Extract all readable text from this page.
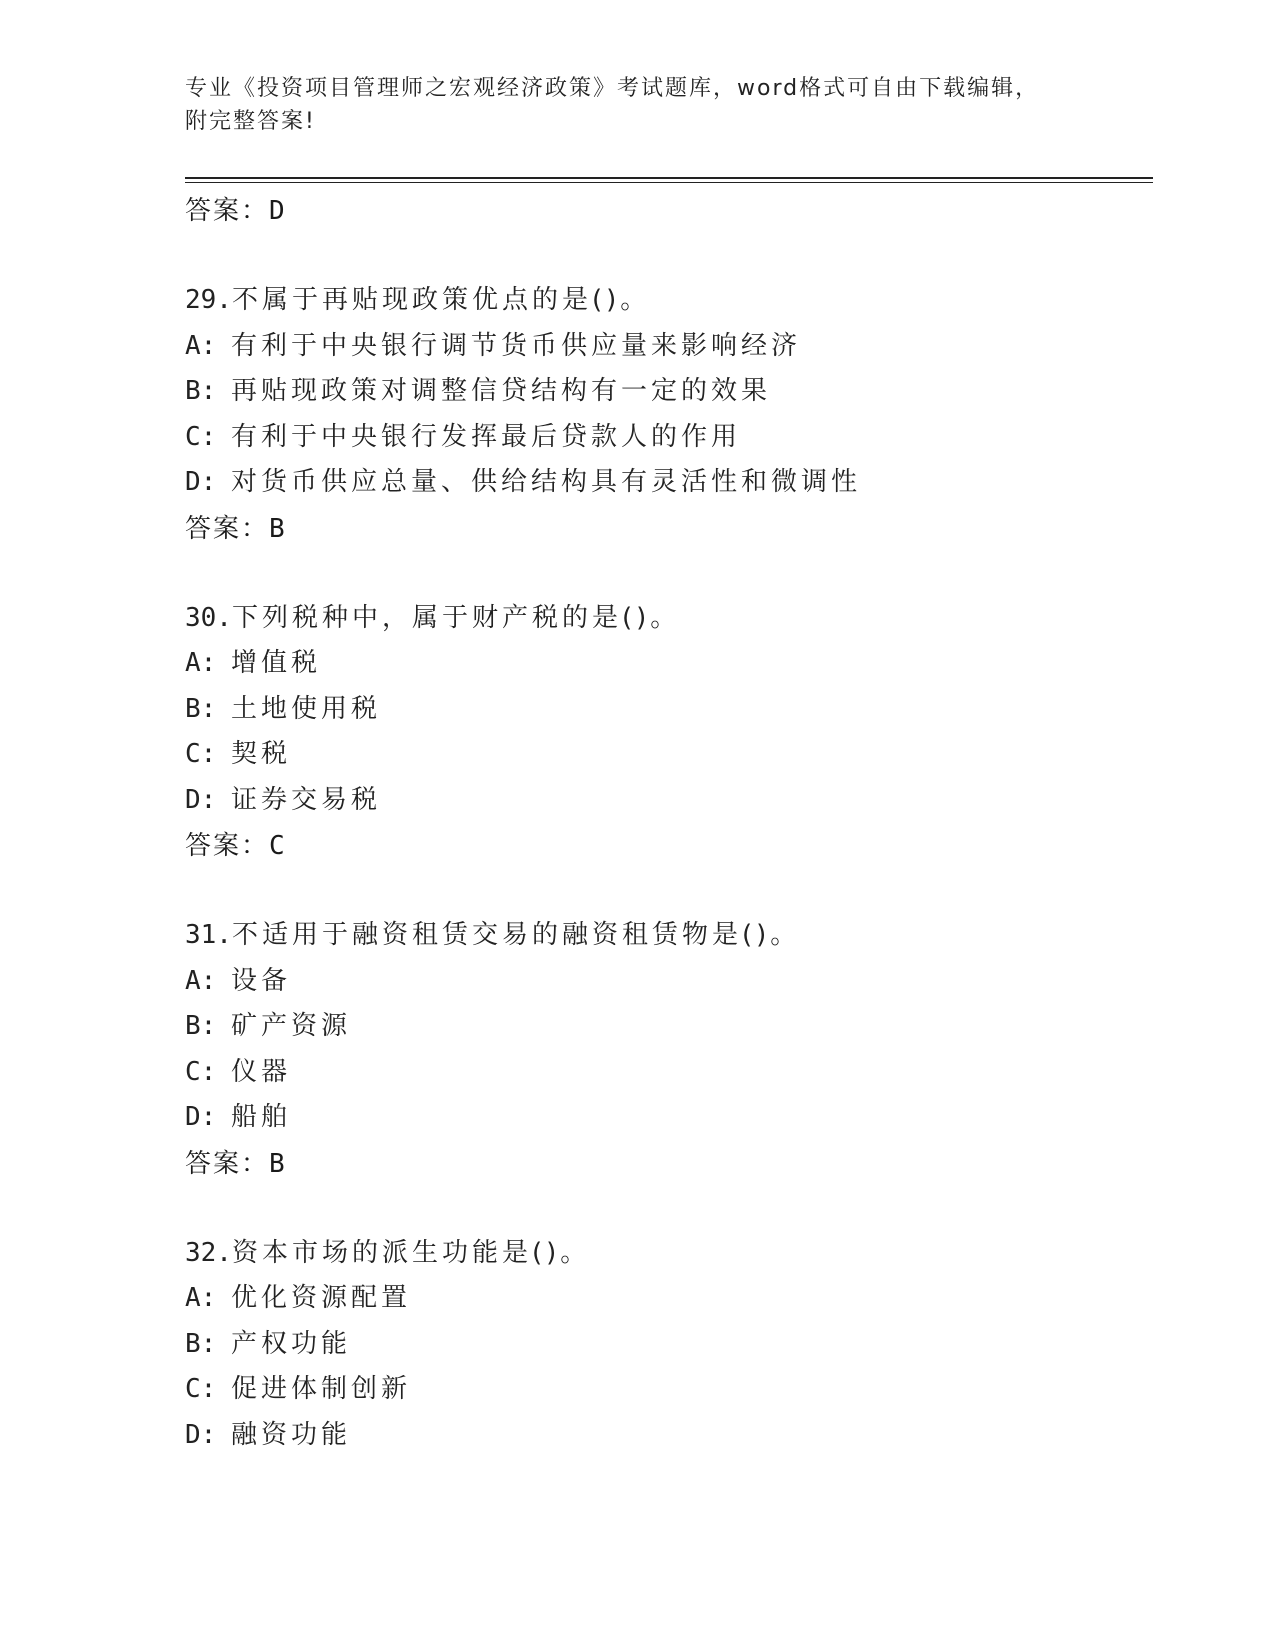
专业《投资项目管理师之宏观经济政策》考试题库，word格式可自由下载编辑，
附完整答案!
答案：D
29.不属于再贴现政策优点的是()。
A: 有利于中央银行调节货币供应量来影响经济
B: 再贴现政策对调整信贷结构有一定的效果
C: 有利于中央银行发挥最后贷款人的作用
D: 对货币供应总量、供给结构具有灵活性和微调性
答案：B
30.下列税种中，属于财产税的是()。
A: 增值税
B: 土地使用税
C: 契税
D: 证券交易税
答案：C
31.不适用于融资租赁交易的融资租赁物是()。
A: 设备
B: 矿产资源
C: 仪器
D: 船舶
答案：B
32.资本市场的派生功能是()。
A: 优化资源配置
B: 产权功能
C: 促进体制创新
D: 融资功能
